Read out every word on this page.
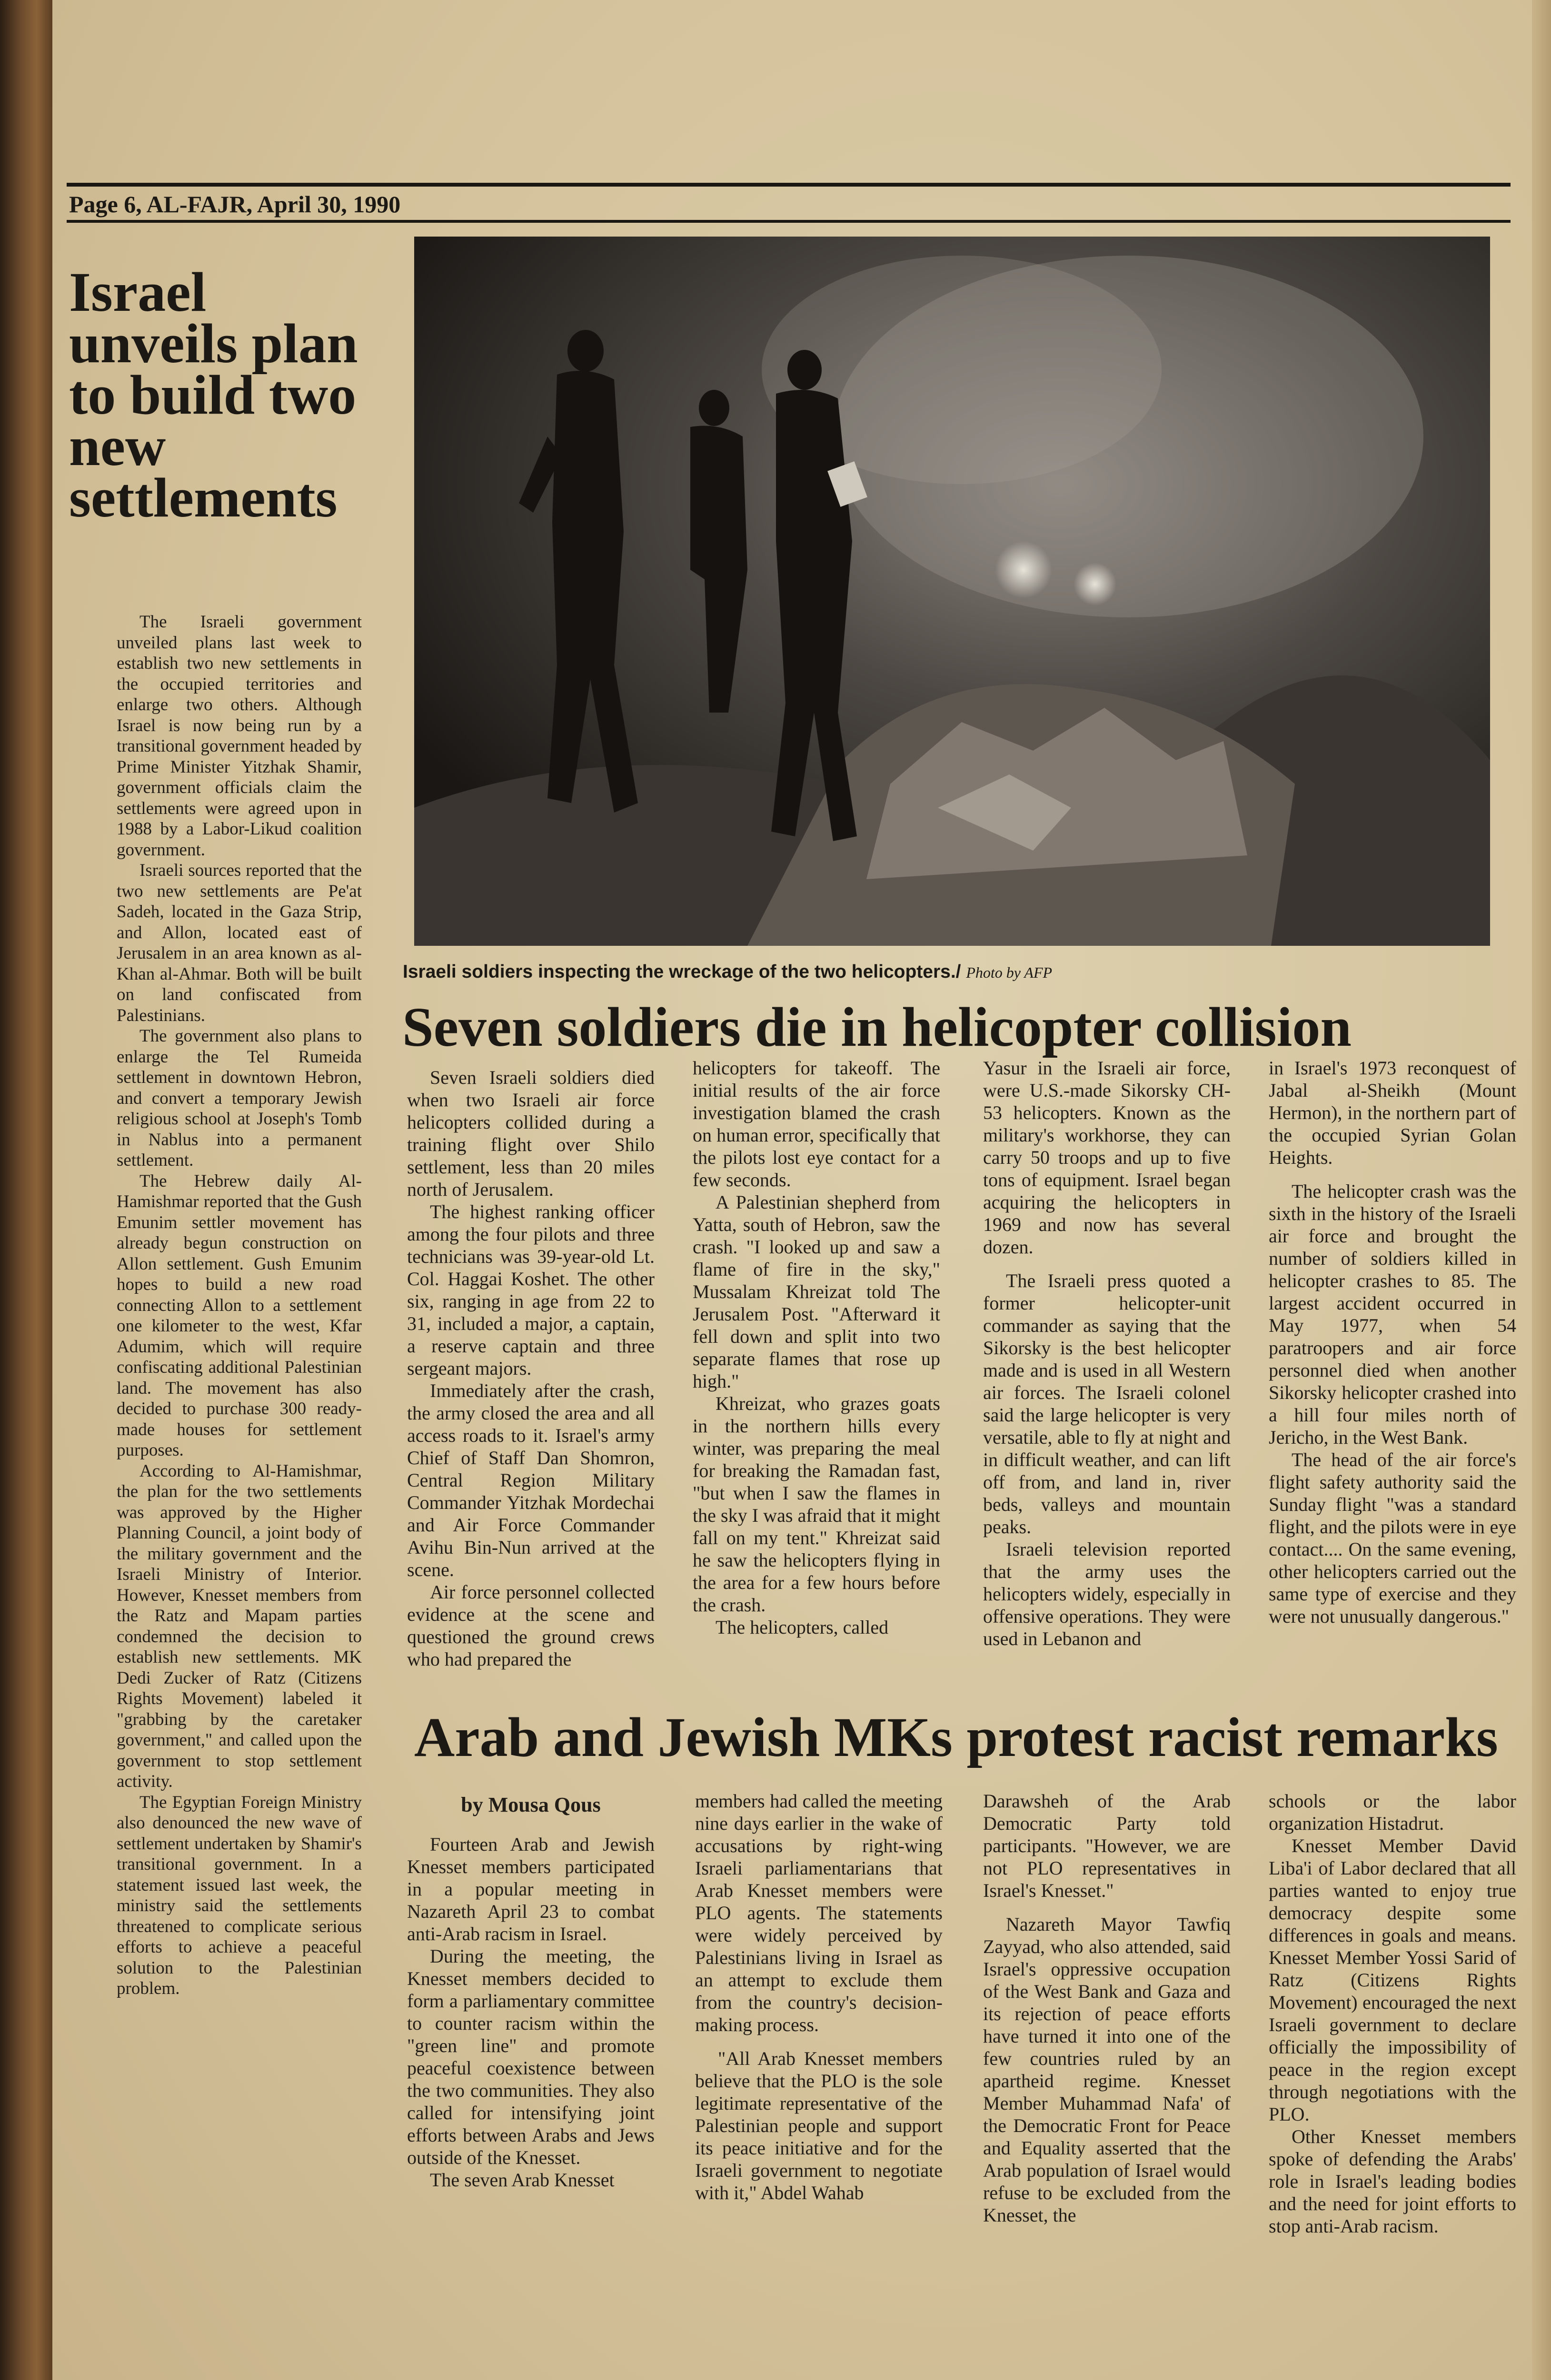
Page 6, AL-FAJR, April 30, 1990
Israel unveils plan to build two new settlements

The Israeli government unveiled plans last week to establish two new settlements in the occupied territories and enlarge two others. Although Israel is now being run by a transitional government headed by Prime Minister Yitzhak Shamir, government officials claim the settlements were agreed upon in 1988 by a Labor-Likud coalition government.

Israeli sources reported that the two new settlements are Pe'at Sadeh, located in the Gaza Strip, and Allon, located east of Jerusalem in an area known as al-Khan al-Ahmar. Both will be built on land confiscated from Palestinians.

The government also plans to enlarge the Tel Rumeida settlement in downtown Hebron, and convert a temporary Jewish religious school at Joseph's Tomb in Nablus into a permanent settlement.

The Hebrew daily Al-Hamishmar reported that the Gush Emunim settler movement has already begun construction on Allon settlement. Gush Emunim hopes to build a new road connecting Allon to a settlement one kilometer to the west, Kfar Adumim, which will require confiscating additional Palestinian land. The movement has also decided to purchase 300 ready-made houses for settlement purposes.

According to Al-Hamishmar, the plan for the two settlements was approved by the Higher Planning Council, a joint body of the military government and the Israeli Ministry of Interior. However, Knesset members from the Ratz and Mapam parties condemned the decision to establish new settlements. MK Dedi Zucker of Ratz (Citizens Rights Movement) labeled it "grabbing by the caretaker government," and called upon the government to stop settlement activity.

The Egyptian Foreign Ministry also denounced the new wave of settlement undertaken by Shamir's transitional government. In a statement issued last week, the ministry said the settlements threatened to complicate serious efforts to achieve a peaceful solution to the Palestinian problem.

Israeli soldiers inspecting the wreckage of the two helicopters./ Photo by AFP
Seven soldiers die in helicopter collision

Seven Israeli soldiers died when two Israeli air force helicopters collided during a training flight over Shilo settlement, less than 20 miles north of Jerusalem.

The highest ranking officer among the four pilots and three technicians was 39-year-old Lt. Col. Haggai Koshet. The other six, ranging in age from 22 to 31, included a major, a captain, a reserve captain and three sergeant majors.

Immediately after the crash, the army closed the area and all access roads to it. Israel's army Chief of Staff Dan Shomron, Central Region Military Commander Yitzhak Mordechai and Air Force Commander Avihu Bin-Nun arrived at the scene.

Air force personnel collected evidence at the scene and questioned the ground crews who had prepared the

helicopters for takeoff. The initial results of the air force investigation blamed the crash on human error, specifically that the pilots lost eye contact for a few seconds.

A Palestinian shepherd from Yatta, south of Hebron, saw the crash. "I looked up and saw a flame of fire in the sky," Mussalam Khreizat told The Jerusalem Post. "Afterward it fell down and split into two separate flames that rose up high."

Khreizat, who grazes goats in the northern hills every winter, was preparing the meal for breaking the Ramadan fast, "but when I saw the flames in the sky I was afraid that it might fall on my tent." Khreizat said he saw the helicopters flying in the area for a few hours before the crash.

The helicopters, called

Yasur in the Israeli air force, were U.S.-made Sikorsky CH-53 helicopters. Known as the military's workhorse, they can carry 50 troops and up to five tons of equipment. Israel began acquiring the helicopters in 1969 and now has several dozen.

The Israeli press quoted a former helicopter-unit commander as saying that the Sikorsky is the best helicopter made and is used in all Western air forces. The Israeli colonel said the large helicopter is very versatile, able to fly at night and in difficult weather, and can lift off from, and land in, river beds, valleys and mountain peaks.

Israeli television reported that the army uses the helicopters widely, especially in offensive operations. They were used in Lebanon and

in Israel's 1973 reconquest of Jabal al-Sheikh (Mount Hermon), in the northern part of the occupied Syrian Golan Heights.

The helicopter crash was the sixth in the history of the Israeli air force and brought the number of soldiers killed in helicopter crashes to 85. The largest accident occurred in May 1977, when 54 paratroopers and air force personnel died when another Sikorsky helicopter crashed into a hill four miles north of Jericho, in the West Bank.

The head of the air force's flight safety authority said the Sunday flight "was a standard flight, and the pilots were in eye contact.... On the same evening, other helicopters carried out the same type of exercise and they were not unusually dangerous."

Arab and Jewish MKs protest racist remarks

by Mousa Qous

Fourteen Arab and Jewish Knesset members participated in a popular meeting in Nazareth April 23 to combat anti-Arab racism in Israel.

During the meeting, the Knesset members decided to form a parliamentary committee to counter racism within the "green line" and promote peaceful coexistence between the two communities. They also called for intensifying joint efforts between Arabs and Jews outside of the Knesset.

The seven Arab Knesset

members had called the meeting nine days earlier in the wake of accusations by right-wing Israeli parliamentarians that Arab Knesset members were PLO agents. The statements were widely perceived by Palestinians living in Israel as an attempt to exclude them from the country's decision-making process.

"All Arab Knesset members believe that the PLO is the sole legitimate representative of the Palestinian people and support its peace initiative and for the Israeli government to negotiate with it," Abdel Wahab

Darawsheh of the Arab Democratic Party told participants. "However, we are not PLO representatives in Israel's Knesset."

Nazareth Mayor Tawfiq Zayyad, who also attended, said Israel's oppressive occupation of the West Bank and Gaza and its rejection of peace efforts have turned it into one of the few countries ruled by an apartheid regime. Knesset Member Muhammad Nafa' of the Democratic Front for Peace and Equality asserted that the Arab population of Israel would refuse to be excluded from the Knesset, the

schools or the labor organization Histadrut.

Knesset Member David Liba'i of Labor declared that all parties wanted to enjoy true democracy despite some differences in goals and means. Knesset Member Yossi Sarid of Ratz (Citizens Rights Movement) encouraged the next Israeli government to declare officially the impossibility of peace in the region except through negotiations with the PLO.

Other Knesset members spoke of defending the Arabs' role in Israel's leading bodies and the need for joint efforts to stop anti-Arab racism.
